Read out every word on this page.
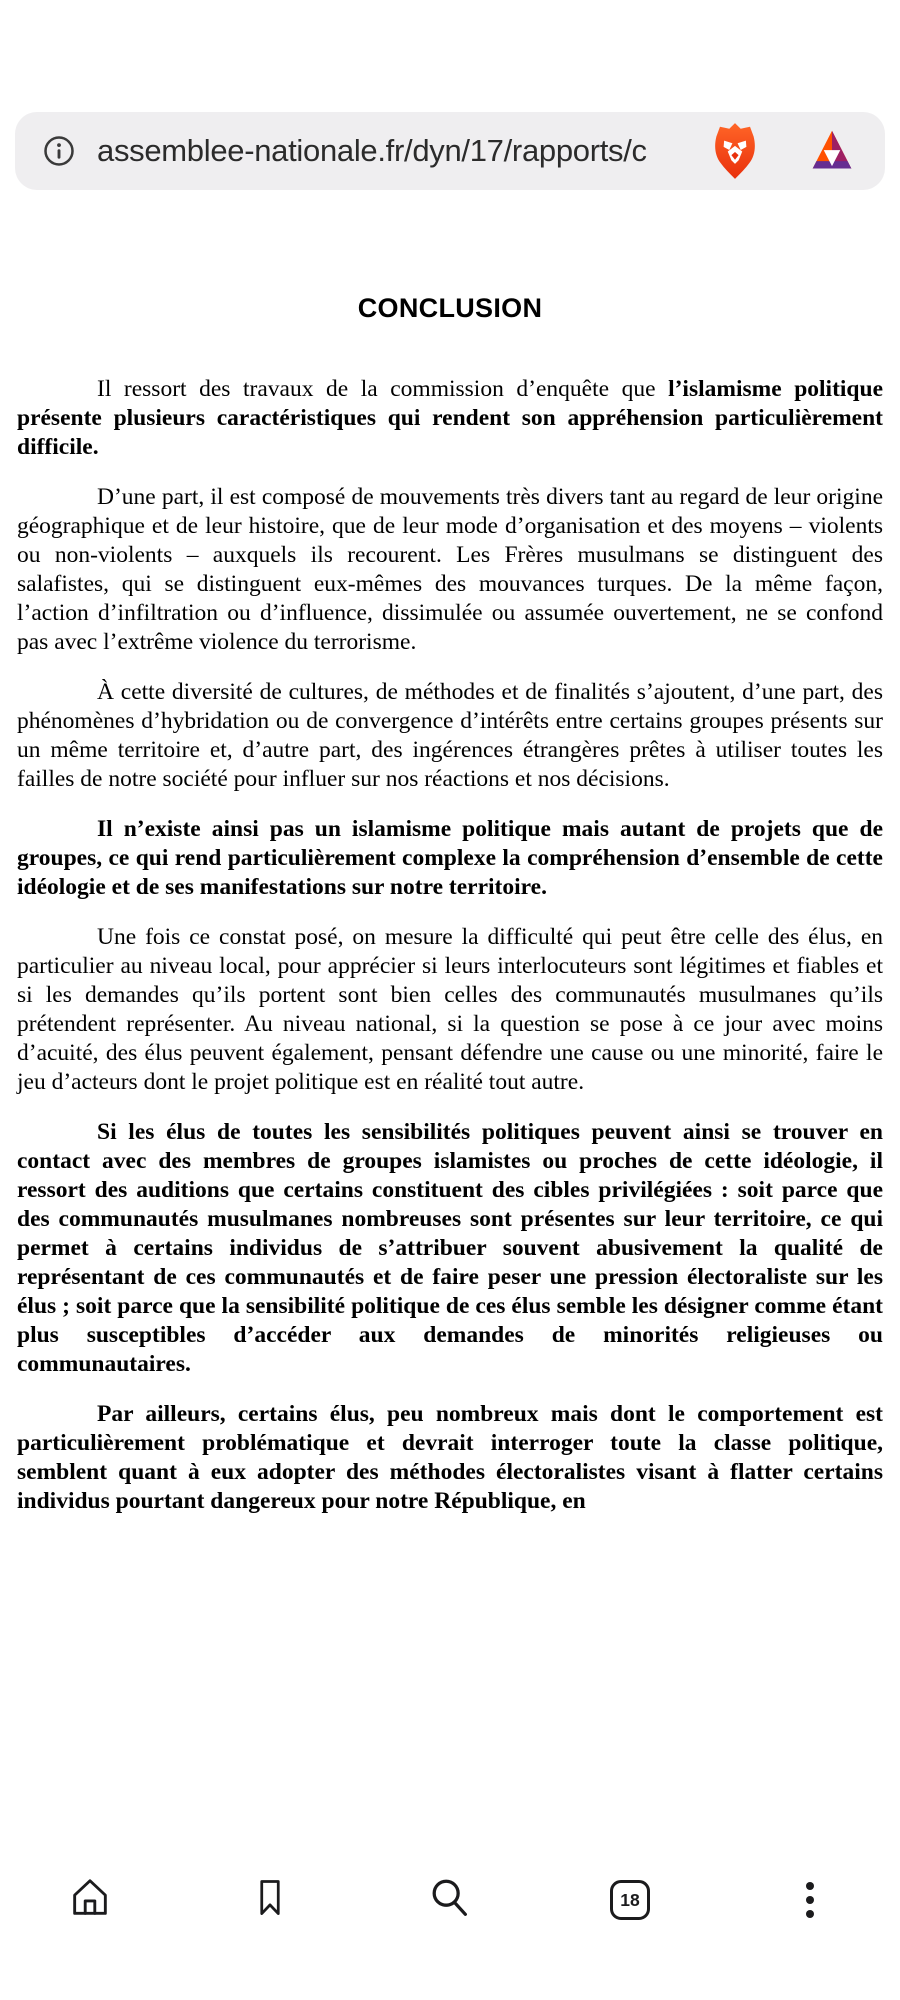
assemblee-nationale.fr/dyn/17/rapports/c
CONCLUSION

Il ressort des travaux de la commission d’enquête que l’islamisme politique présente plusieurs caractéristiques qui rendent son appréhension particulièrement difficile.

D’une part, il est composé de mouvements très divers tant au regard de leur origine géographique et de leur histoire, que de leur mode d’organisation et des moyens – violents ou non-violents – auxquels ils recourent. Les Frères musulmans se distinguent des salafistes, qui se distinguent eux-mêmes des mouvances turques. De la même façon, l’action d’infiltration ou d’influence, dissimulée ou assumée ouvertement, ne se confond pas avec l’extrême violence du terrorisme.

À cette diversité de cultures, de méthodes et de finalités s’ajoutent, d’une part, des phénomènes d’hybridation ou de convergence d’intérêts entre certains groupes présents sur un même territoire et, d’autre part, des ingérences étrangères prêtes à utiliser toutes les failles de notre société pour influer sur nos réactions et nos décisions.

Il n’existe ainsi pas un islamisme politique mais autant de projets que de groupes, ce qui rend particulièrement complexe la compréhension d’ensemble de cette idéologie et de ses manifestations sur notre territoire.

Une fois ce constat posé, on mesure la difficulté qui peut être celle des élus, en particulier au niveau local, pour apprécier si leurs interlocuteurs sont légitimes et fiables et si les demandes qu’ils portent sont bien celles des communautés musulmanes qu’ils prétendent représenter. Au niveau national, si la question se pose à ce jour avec moins d’acuité, des élus peuvent également, pensant défendre une cause ou une minorité, faire le jeu d’acteurs dont le projet politique est en réalité tout autre.

Si les élus de toutes les sensibilités politiques peuvent ainsi se trouver en contact avec des membres de groupes islamistes ou proches de cette idéologie, il ressort des auditions que certains constituent des cibles privilégiées : soit parce que des communautés musulmanes nombreuses sont présentes sur leur territoire, ce qui permet à certains individus de s’attribuer souvent abusivement la qualité de représentant de ces communautés et de faire peser une pression électoraliste sur les élus ; soit parce que la sensibilité politique de ces élus semble les désigner comme étant plus susceptibles d’accéder aux demandes de minorités religieuses ou communautaires.

Par ailleurs, certains élus, peu nombreux mais dont le comportement est particulièrement problématique et devrait interroger toute la classe politique, semblent quant à eux adopter des méthodes électoralistes visant à flatter certains individus pourtant dangereux pour notre République, en

18
